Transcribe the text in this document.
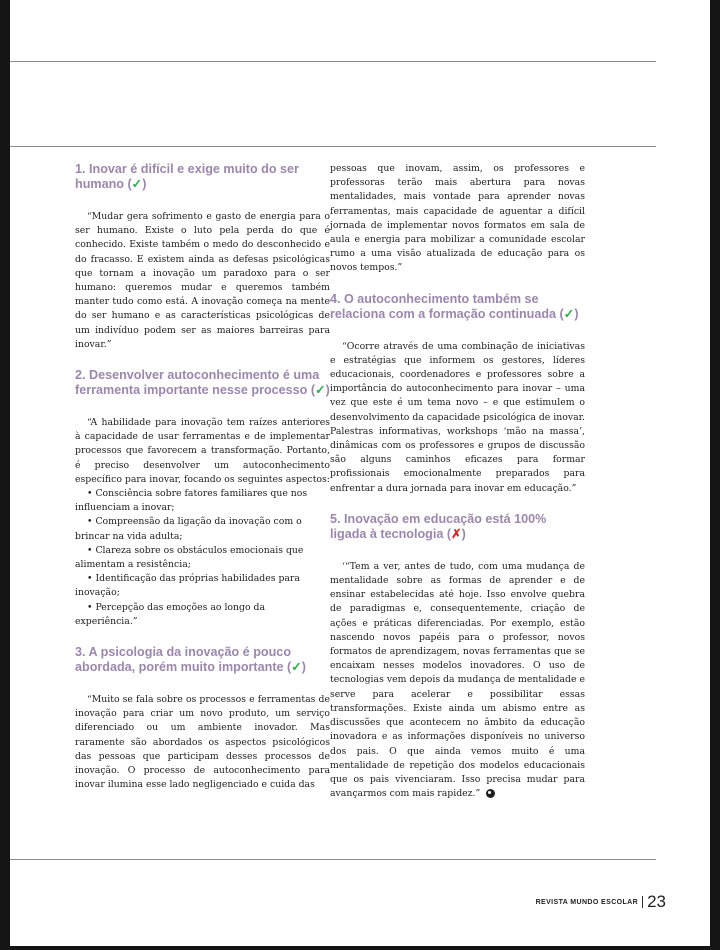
1. Inovar é difícil e exige muito do ser humano (✓)

“Mudar gera sofrimento e gasto de energia para o ser humano. Existe o luto pela perda do que é conhecido. Existe também o medo do desconhecido e do fracasso. E existem ainda as defesas psicológicas que tornam a inovação um paradoxo para o ser humano: queremos mudar e queremos também manter tudo como está. A inovação começa na mente do ser humano e as características psicológicas de um indivíduo podem ser as maiores barreiras para inovar.”

2. Desenvolver autoconhecimento é uma ferramenta importante nesse processo (✓)

“A habilidade para inovação tem raízes anteriores à capacidade de usar ferramentas e de implementar processos que favorecem a transformação. Portanto, é preciso desenvolver um autoconhecimento específico para inovar, focando os seguintes aspectos:

• Consciência sobre fatores familiares que nos influenciam a inovar;
• Compreensão da ligação da inovação com o brincar na vida adulta;
• Clareza sobre os obstáculos emocionais que alimentam a resistência;
• Identificação das próprias habilidades para inovação;
• Percepção das emoções ao longo da experiência.”
3. A psicologia da inovação é pouco abordada, porém muito importante (✓)

“Muito se fala sobre os processos e ferramentas de inovação para criar um novo produto, um serviço diferenciado ou um ambiente inovador. Mas raramente são abordados os aspectos psicológicos das pessoas que participam desses processos de inovação. O processo de autoconhecimento para inovar ilumina esse lado negligenciado e cuida das

pessoas que inovam, assim, os professores e professoras terão mais abertura para novas mentalidades, mais vontade para aprender novas ferramentas, mais capacidade de aguentar a difícil jornada de implementar novos formatos em sala de aula e energia para mobilizar a comunidade escolar rumo a uma visão atualizada de educação para os novos tempos.”

4. O autoconhecimento também se relaciona com a formação continuada (✓)

“Ocorre através de uma combinação de iniciativas e estratégias que informem os gestores, líderes educacionais, coordenadores e professores sobre a importância do autoconhecimento para inovar – uma vez que este é um tema novo – e que estimulem o desenvolvimento da capacidade psicológica de inovar. Palestras informativas, workshops ‘mão na massa’, dinâmicas com os professores e grupos de discussão são alguns caminhos eficazes para formar profissionais emocionalmente preparados para enfrentar a dura jornada para inovar em educação.”

5. Inovação em educação está 100% ligada à tecnologia (✗)

‘“Tem a ver, antes de tudo, com uma mudança de mentalidade sobre as formas de aprender e de ensinar estabelecidas até hoje. Isso envolve quebra de paradigmas e, consequentemente, criação de ações e práticas diferenciadas. Por exemplo, estão nascendo novos papéis para o professor, novos formatos de aprendizagem, novas ferramentas que se encaixam nesses modelos inovadores. O uso de tecnologias vem depois da mudança de mentalidade e serve para acelerar e possibilitar essas transformações. Existe ainda um abismo entre as discussões que acontecem no âmbito da educação inovadora e as informações disponíveis no universo dos pais. O que ainda vemos muito é uma mentalidade de repetição dos modelos educacionais que os pais vivenciaram. Isso precisa mudar para avançarmos com mais rapidez.”

REVISTA MUNDO ESCOLAR 23
